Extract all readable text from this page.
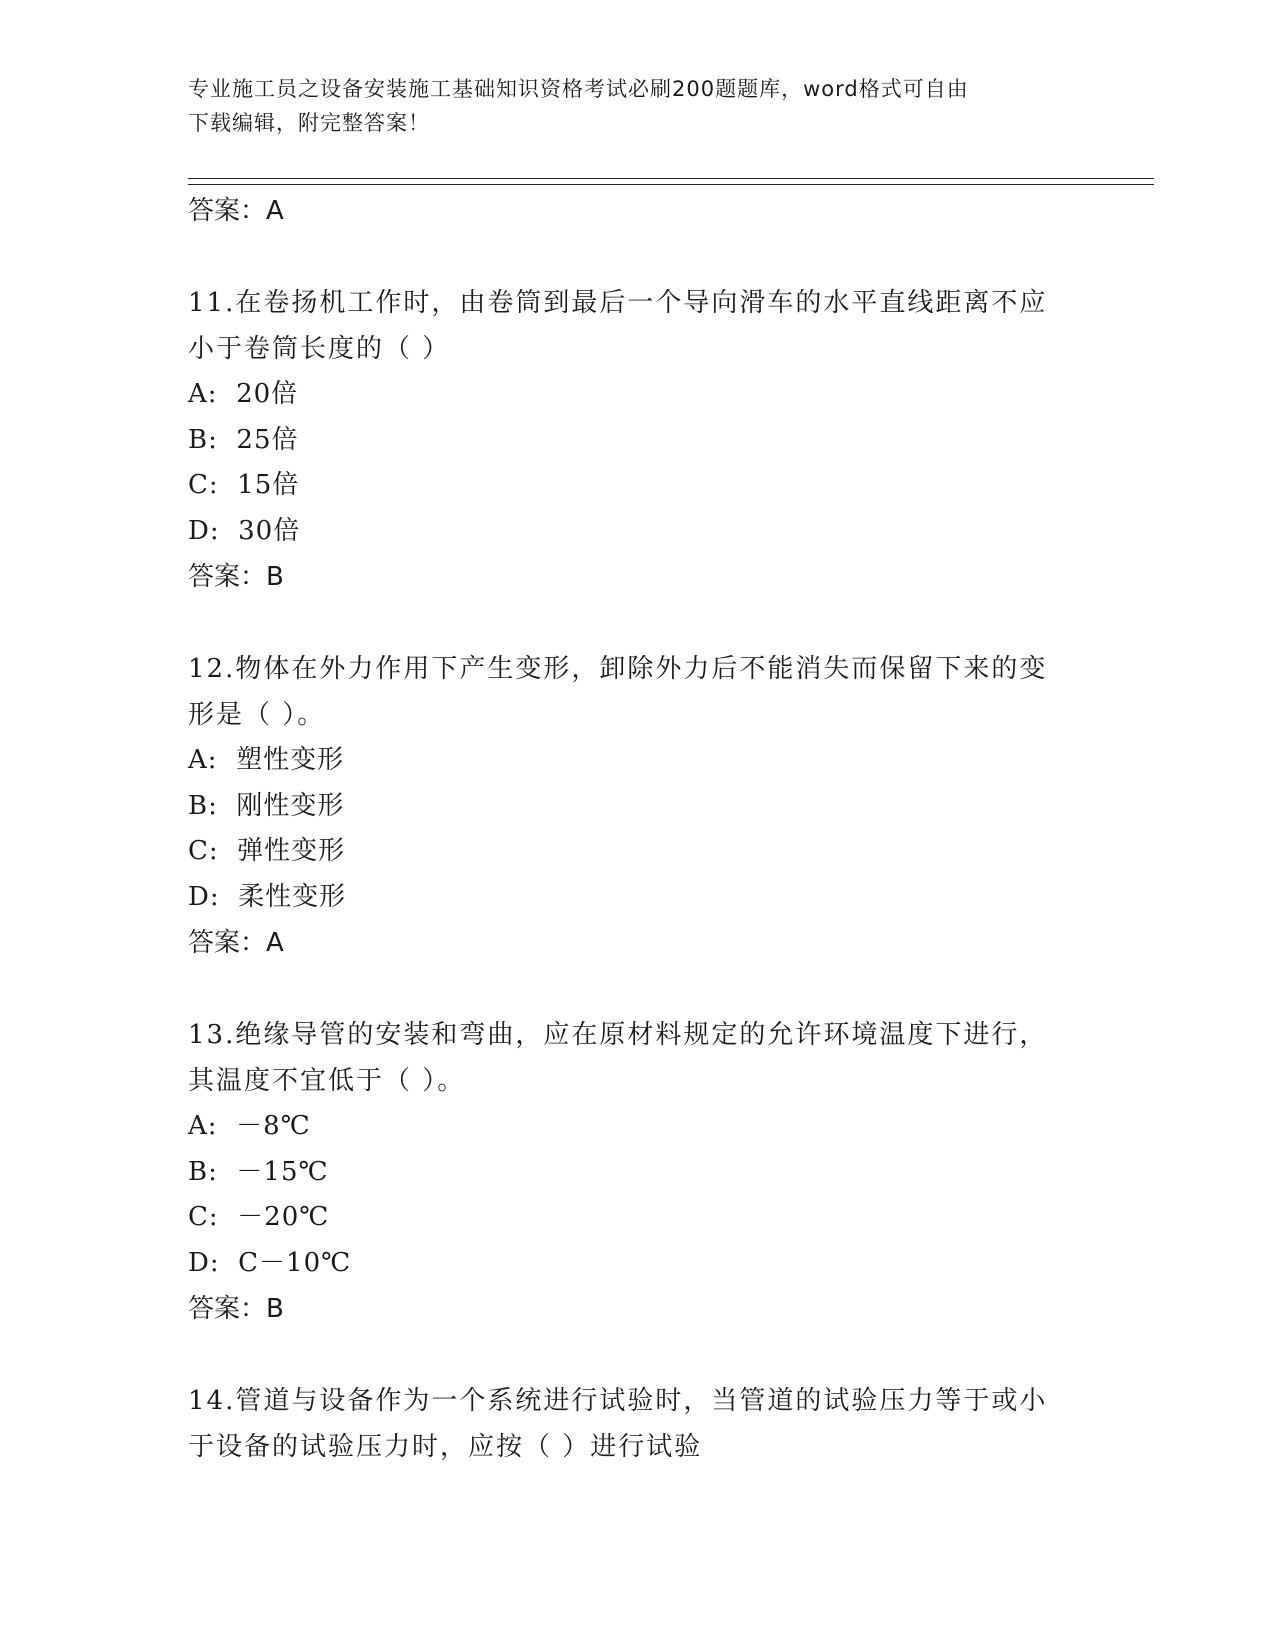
专业施工员之设备安装施工基础知识资格考试必刷200题题库，word格式可自由
下载编辑，附完整答案！
答案：A
11.在卷扬机工作时，由卷筒到最后一个导向滑车的水平直线距离不应
小于卷筒长度的（ ）
A:  20倍
B:  25倍
C:  15倍
D:  30倍
答案：B
12.物体在外力作用下产生变形，卸除外力后不能消失而保留下来的变
形是（ ）。
A:  塑性变形
B:  刚性变形
C:  弹性变形
D:  柔性变形
答案：A
13.绝缘导管的安装和弯曲，应在原材料规定的允许环境温度下进行，
其温度不宜低于（ ）。
A:  －8℃
B:  －15℃
C:  －20℃
D:  C－10℃
答案：B
14.管道与设备作为一个系统进行试验时，当管道的试验压力等于或小
于设备的试验压力时，应按（ ）进行试验
